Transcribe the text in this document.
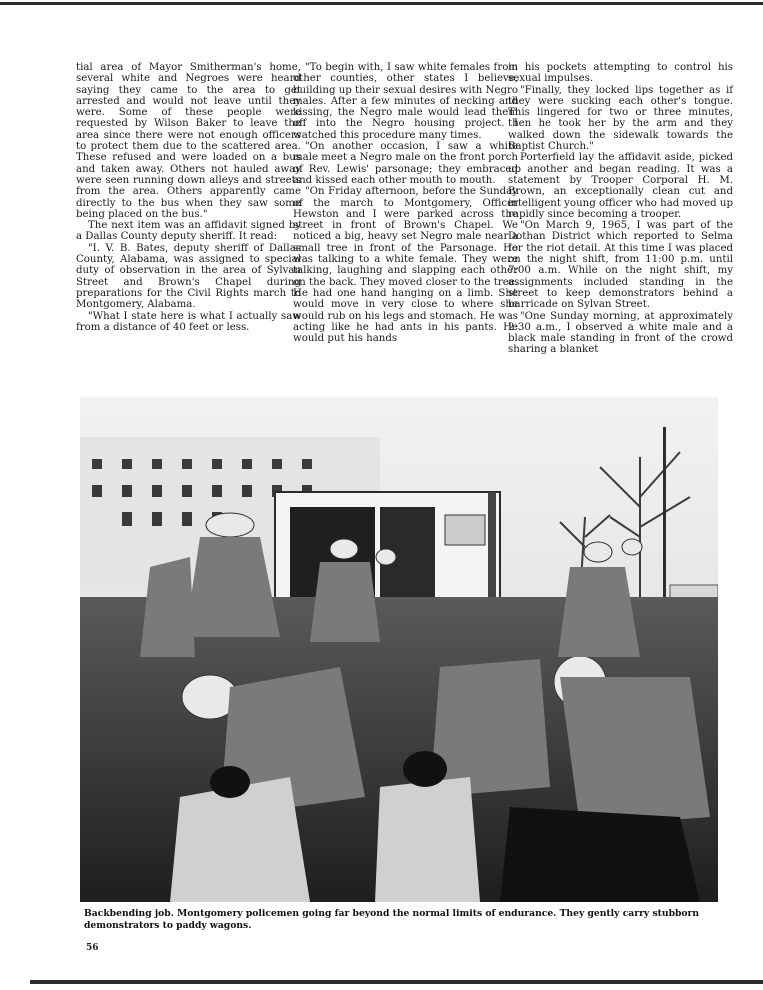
tial area of Mayor Smitherman's home, several white and Negroes were heard saying they came to the area to get arrested and would not leave until they were. Some of these people were requested by Wilson Baker to leave the area since there were not enough officers to protect them due to the scattered area. These refused and were loaded on a bus and taken away. Others not hauled away were seen running down alleys and streets from the area. Others apparently came directly to the bus when they saw some being placed on the bus."

The next item was an affidavit signed by a Dallas County deputy sheriff. It read:

"I. V. B. Bates, deputy sheriff of Dallas County, Alabama, was assigned to special duty of observation in the area of Sylvan Street and Brown's Chapel during preparations for the Civil Rights march to Montgomery, Alabama.

"What I state here is what I actually saw from a distance of 40 feet or less.

"To begin with, I saw white females from other counties, other states I believe, building up their sexual desires with Negro males. After a few minutes of necking and kissing, the Negro male would lead them off into the Negro housing project. I watched this procedure many times.

"On another occasion, I saw a white male meet a Negro male on the front porch of Rev. Lewis' parsonage; they embraced and kissed each other mouth to mouth.

"On Friday afternoon, before the Sunday of the march to Montgomery, Officer Hewston and I were parked across the street in front of Brown's Chapel. We noticed a big, heavy set Negro male near a small tree in front of the Parsonage. He was talking to a white female. They were talking, laughing and slapping each other on the back. They moved closer to the tree. He had one hand hanging on a limb. She would move in very close to where she would rub on his legs and stomach. He was acting like he had ants in his pants. He would put his hands

in his pockets attempting to control his sexual impulses.

"Finally, they locked lips together as if they were sucking each other's tongue. This lingered for two or three minutes, then he took her by the arm and they walked down the sidewalk towards the Baptist Church."

Porterfield lay the affidavit aside, picked up another and began reading. It was a statement by Trooper Corporal H. M. Brown, an exceptionally clean cut and intelligent young officer who had moved up rapidly since becoming a trooper.

"On March 9, 1965, I was part of the Dothan District which reported to Selma for the riot detail. At this time I was placed on the night shift, from 11:00 p.m. until 7:00 a.m. While on the night shift, my assignments included standing in the street to keep demonstrators behind a barricade on Sylvan Street.

"One Sunday morning, at approximately 2:30 a.m., I observed a white male and a black male standing in front of the crowd sharing a blanket

Backbending job. Montgomery policemen going far beyond the normal limits of endurance. They gently carry stubborn demonstrators to paddy wagons.
56
